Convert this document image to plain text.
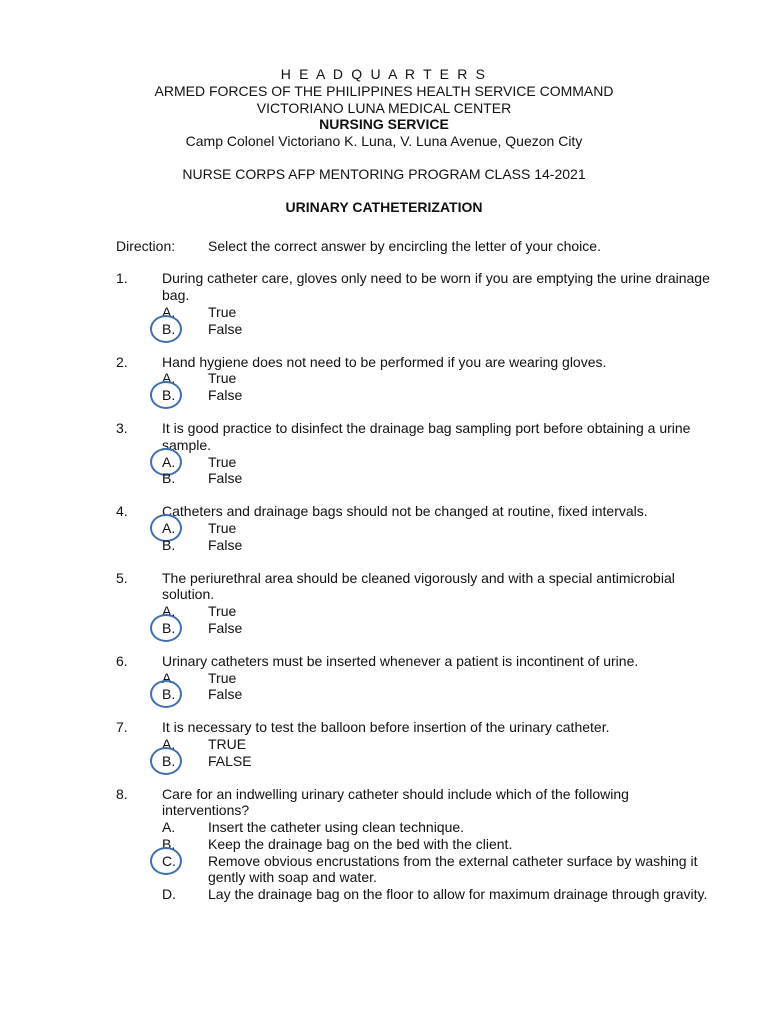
H E A D Q U A R T E R S
ARMED FORCES OF THE PHILIPPINES HEALTH SERVICE COMMAND
VICTORIANO LUNA MEDICAL CENTER
NURSING SERVICE
Camp Colonel Victoriano K. Luna, V. Luna Avenue, Quezon City
NURSE CORPS AFP MENTORING PROGRAM CLASS 14-2021
URINARY CATHETERIZATION
Direction:	Select the correct answer by encircling the letter of your choice.
1.	During catheter care, gloves only need to be worn if you are emptying the urine drainage bag.
A.	True
B.	False
2.	Hand hygiene does not need to be performed if you are wearing gloves.
A.	True
B.	False
3.	It is good practice to disinfect the drainage bag sampling port before obtaining a urine sample.
A.	True
B.	False
4.	Catheters and drainage bags should not be changed at routine, fixed intervals.
A.	True
B.	False
5.	The periurethral area should be cleaned vigorously and with a special antimicrobial solution.
A.	True
B.	False
6.	Urinary catheters must be inserted whenever a patient is incontinent of urine.
A.	True
B.	False
7.	It is necessary to test the balloon before insertion of the urinary catheter.
A.	TRUE
B.	FALSE
8.	Care for an indwelling urinary catheter should include which of the following interventions?
A.	Insert the catheter using clean technique.
B.	Keep the drainage bag on the bed with the client.
C.	Remove obvious encrustations from the external catheter surface by washing it gently with soap and water.
D.	Lay the drainage bag on the floor to allow for maximum drainage through gravity.
